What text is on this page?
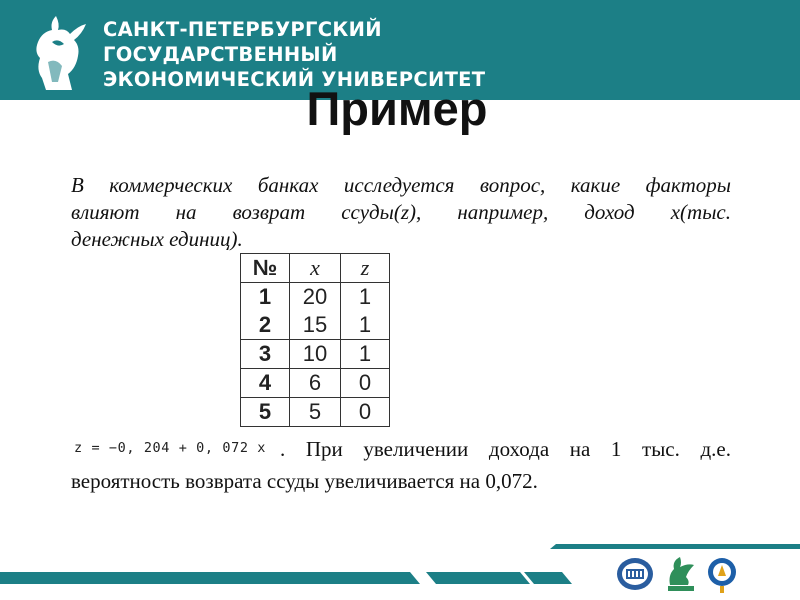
САНКТ-ПЕТЕРБУРГСКИЙ
ГОСУДАРСТВЕННЫЙ
ЭКОНОМИЧЕСКИЙ УНИВЕРСИТЕТ
Пример

В коммерческих банках исследуется вопрос, какие факторы
влияют на возврат ссуды(z), например, доход x(тыс.
денежных единиц).

№	x	z
1	20	1
2	15	1
3	10	1
4	6	0
5	5	0
z = −0, 204 + 0, 072 x . При увеличении дохода на 1 тыс. д.е.
вероятность возврата ссуды увеличивается на 0,072.
